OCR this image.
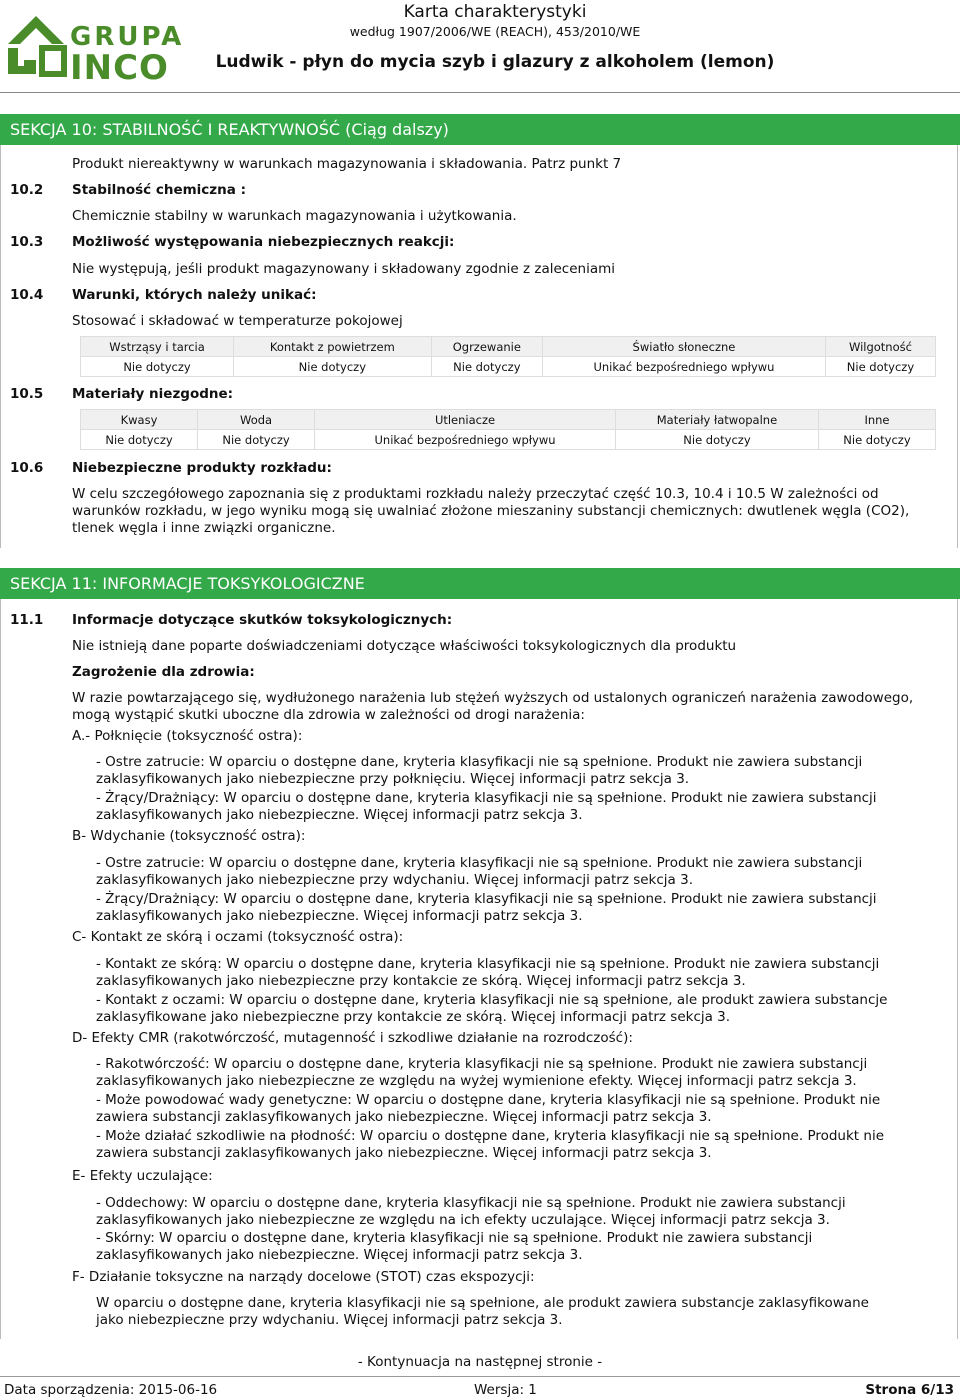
GRUPA
INCO
Karta charakterystyki
według 1907/2006/WE (REACH), 453/2010/WE
Ludwik - płyn do mycia szyb i glazury z alkoholem (lemon)
SEKCJA 10: STABILNOŚĆ I REAKTYWNOŚĆ (Ciąg dalszy)
Produkt niereaktywny w warunkach magazynowania i składowania. Patrz punkt 7
10.2 Stabilność chemiczna :
Chemicznie stabilny w warunkach magazynowania i użytkowania.
10.3 Możliwość występowania niebezpiecznych reakcji:
Nie występują, jeśli produkt magazynowany i składowany zgodnie z zaleceniami
10.4 Warunki, których należy unikać:
Stosować i składować w temperaturze pokojowej
Wstrząsy i tarcia	Kontakt z powietrzem	Ogrzewanie	Światło słoneczne	Wilgotność
Nie dotyczy	Nie dotyczy	Nie dotyczy	Unikać bezpośredniego wpływu	Nie dotyczy
10.5 Materiały niezgodne:
Kwasy	Woda	Utleniacze	Materiały łatwopalne	Inne
Nie dotyczy	Nie dotyczy	Unikać bezpośredniego wpływu	Nie dotyczy	Nie dotyczy
10.6 Niebezpieczne produkty rozkładu:
W celu szczegółowego zapoznania się z produktami rozkładu należy przeczytać część 10.3, 10.4 i 10.5 W zależności od warunków rozkładu, w jego wyniku mogą się uwalniać złożone mieszaniny substancji chemicznych: dwutlenek węgla (CO2), tlenek węgla i inne związki organiczne.
SEKCJA 11: INFORMACJE TOKSYKOLOGICZNE
11.1 Informacje dotyczące skutków toksykologicznych:
Nie istnieją dane poparte doświadczeniami dotyczące właściwości toksykologicznych dla produktu
Zagrożenie dla zdrowia:
W razie powtarzającego się, wydłużonego narażenia lub stężeń wyższych od ustalonych ograniczeń narażenia zawodowego, mogą wystąpić skutki uboczne dla zdrowia w zależności od drogi narażenia:
A.- Połknięcie (toksyczność ostra):
- Ostre zatrucie: W oparciu o dostępne dane, kryteria klasyfikacji nie są spełnione. Produkt nie zawiera substancji zaklasyfikowanych jako niebezpieczne przy połknięciu. Więcej informacji patrz sekcja 3.
- Żrący/Drażniący: W oparciu o dostępne dane, kryteria klasyfikacji nie są spełnione. Produkt nie zawiera substancji zaklasyfikowanych jako niebezpieczne. Więcej informacji patrz sekcja 3.
B- Wdychanie (toksyczność ostra):
- Ostre zatrucie: W oparciu o dostępne dane, kryteria klasyfikacji nie są spełnione. Produkt nie zawiera substancji zaklasyfikowanych jako niebezpieczne przy wdychaniu. Więcej informacji patrz sekcja 3.
- Żrący/Drażniący: W oparciu o dostępne dane, kryteria klasyfikacji nie są spełnione. Produkt nie zawiera substancji zaklasyfikowanych jako niebezpieczne. Więcej informacji patrz sekcja 3.
C- Kontakt ze skórą i oczami (toksyczność ostra):
- Kontakt ze skórą: W oparciu o dostępne dane, kryteria klasyfikacji nie są spełnione. Produkt nie zawiera substancji zaklasyfikowanych jako niebezpieczne przy kontakcie ze skórą. Więcej informacji patrz sekcja 3.
- Kontakt z oczami: W oparciu o dostępne dane, kryteria klasyfikacji nie są spełnione, ale produkt zawiera substancje zaklasyfikowane jako niebezpieczne przy kontakcie ze skórą. Więcej informacji patrz sekcja 3.
D- Efekty CMR (rakotwórczość, mutagenność i szkodliwe działanie na rozrodczość):
- Rakotwórczość: W oparciu o dostępne dane, kryteria klasyfikacji nie są spełnione. Produkt nie zawiera substancji zaklasyfikowanych jako niebezpieczne ze względu na wyżej wymienione efekty. Więcej informacji patrz sekcja 3.
- Może powodować wady genetyczne: W oparciu o dostępne dane, kryteria klasyfikacji nie są spełnione. Produkt nie zawiera substancji zaklasyfikowanych jako niebezpieczne. Więcej informacji patrz sekcja 3.
- Może działać szkodliwie na płodność: W oparciu o dostępne dane, kryteria klasyfikacji nie są spełnione. Produkt nie zawiera substancji zaklasyfikowanych jako niebezpieczne. Więcej informacji patrz sekcja 3.
E- Efekty uczulające:
- Oddechowy: W oparciu o dostępne dane, kryteria klasyfikacji nie są spełnione. Produkt nie zawiera substancji zaklasyfikowanych jako niebezpieczne ze względu na ich efekty uczulające. Więcej informacji patrz sekcja 3.
- Skórny: W oparciu o dostępne dane, kryteria klasyfikacji nie są spełnione. Produkt nie zawiera substancji zaklasyfikowanych jako niebezpieczne. Więcej informacji patrz sekcja 3.
F- Działanie toksyczne na narządy docelowe (STOT) czas ekspozycji:
W oparciu o dostępne dane, kryteria klasyfikacji nie są spełnione, ale produkt zawiera substancje zaklasyfikowane jako niebezpieczne przy wdychaniu. Więcej informacji patrz sekcja 3.
- Kontynuacja na następnej stronie -
Data sporządzenia: 2015-06-16	Wersja: 1	Strona 6/13
